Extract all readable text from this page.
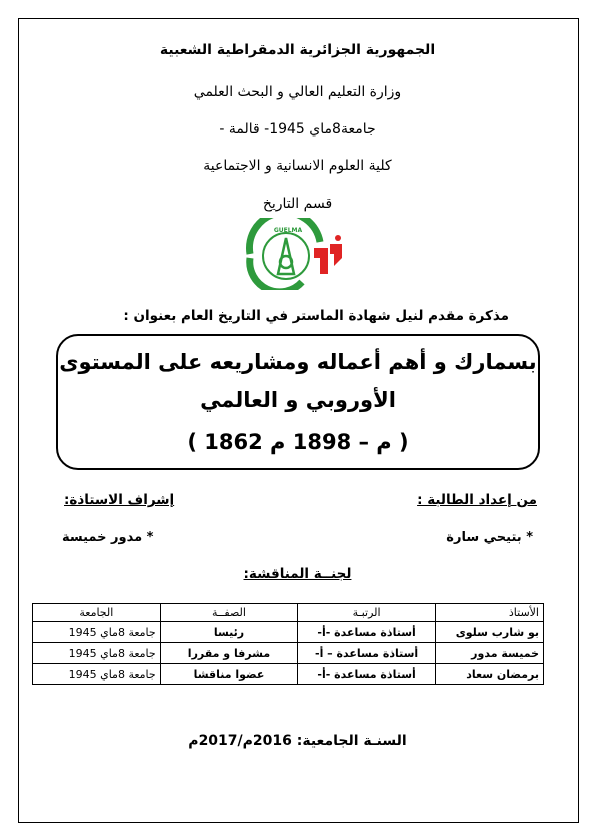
الجمهورية الجزائرية الدمقراطية الشعبية
وزارة التعليم العالي و البحث العلمي
جامعة8ماي 1945- قالمة -
كلية العلوم الانسانية و الاجتماعية
قسم التاريخ
GUELMA
مذكرة مقدم لنيل شهادة الماستر في التاريخ العام بعنوان :
بسمارك و أهم أعماله ومشاريعه على المستوى
الأوروبي و العالمي
( 1862 م – 1898 م )
من إعداد الطالبة :
إشراف الاستاذة:
* بتيحي سارة
* مدور خميسة
لجنــة المناقشة:
الأستاذ	الرتبـة	الصفــة	الجامعة
بو شارب سلوى	أستاذة مساعدة -أ-	رئيسا	جامعة 8ماي 1945
خميسة مدور	أستاذة مساعدة – أ-	مشرفا و مقررا	جامعة 8ماي 1945
برمضان سعاد	أستاذة مساعدة -أ-	عضوا مناقشا	جامعة 8ماي 1945
السنـة الجامعية: 2016م/2017م
